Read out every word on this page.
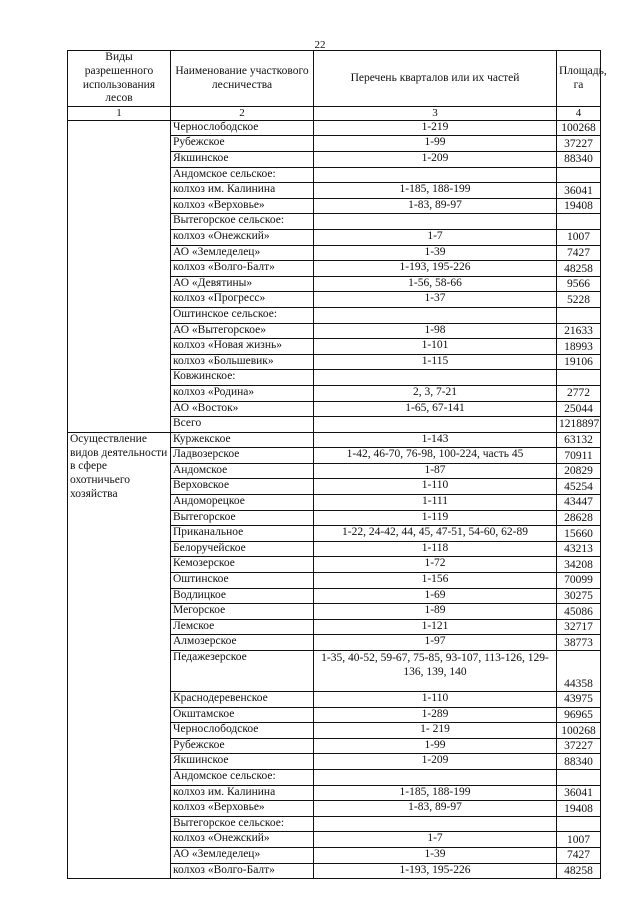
22
Виды разрешенного использования лесов	Наименование участкового лесничества	Перечень кварталов или их частей	Площадь, га
1	2	3	4
	Чернослободское	1-219	100268
	Рубежское	1-99	37227
	Якшинское	1-209	88340
	Андомское сельское:		
	колхоз им. Калинина	1-185, 188-199	36041
	колхоз «Верховье»	1-83, 89-97	19408
	Вытегорское сельское:		
	колхоз «Онежский»	1-7	1007
	АО «Земледелец»	1-39	7427
	колхоз «Волго-Балт»	1-193, 195-226	48258
	АО «Девятины»	1-56, 58-66	9566
	колхоз «Прогресс»	1-37	5228
	Оштинское сельское:		
	АО «Вытегорское»	1-98	21633
	колхоз «Новая жизнь»	1-101	18993
	колхоз «Большевик»	1-115	19106
	Ковжинское:		
	колхоз «Родина»	2, 3, 7-21	2772
	АО «Восток»	1-65, 67-141	25044
	Всего		1218897
Осуществление видов деятельности в сфере охотничьего хозяйства	Куржекское	1-143	63132
	Ладвозерское	1-42, 46-70, 76-98, 100-224, часть 45	70911
	Андомское	1-87	20829
	Верховское	1-110	45254
	Андоморецкое	1-111	43447
	Вытегорское	1-119	28628
	Приканальное	1-22, 24-42, 44, 45, 47-51, 54-60, 62-89	15660
	Белоручейское	1-118	43213
	Кемозерское	1-72	34208
	Оштинское	1-156	70099
	Водлицкое	1-69	30275
	Мегорское	1-89	45086
	Лемское	1-121	32717
	Алмозерское	1-97	38773
	Педажезерское	1-35, 40-52, 59-67, 75-85, 93-107, 113-126, 129-136, 139, 140	44358
	Краснодеревенское	1-110	43975
	Окштамское	1-289	96965
	Чернослободское	1- 219	100268
	Рубежское	1-99	37227
	Якшинское	1-209	88340
	Андомское сельское:		
	колхоз им. Калинина	1-185, 188-199	36041
	колхоз «Верховье»	1-83, 89-97	19408
	Вытегорское сельское:		
	колхоз «Онежский»	1-7	1007
	АО «Земледелец»	1-39	7427
	колхоз «Волго-Балт»	1-193, 195-226	48258
